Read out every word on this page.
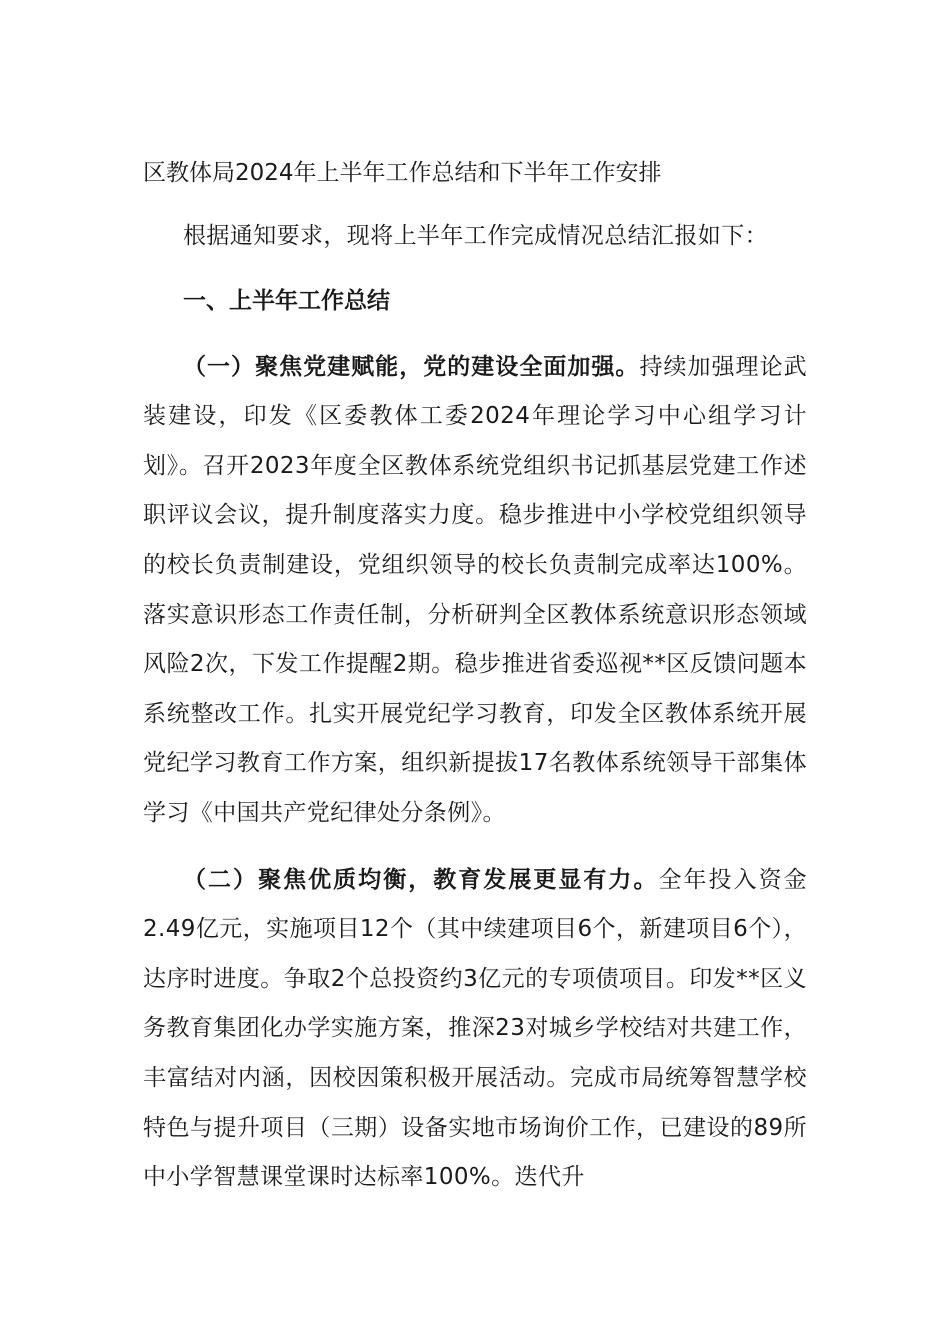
区教体局2024年上半年工作总结和下半年工作安排

根据通知要求，现将上半年工作完成情况总结汇报如下：

一、上半年工作总结

（一）聚焦党建赋能，党的建设全面加强。持续加强理论武装建设，印发《区委教体工委2024年理论学习中心组学习计划》。召开2023年度全区教体系统党组织书记抓基层党建工作述职评议会议，提升制度落实力度。稳步推进中小学校党组织领导的校长负责制建设，党组织领导的校长负责制完成率达100%。落实意识形态工作责任制，分析研判全区教体系统意识形态领域风险2次，下发工作提醒2期。稳步推进省委巡视**区反馈问题本系统整改工作。扎实开展党纪学习教育，印发全区教体系统开展党纪学习教育工作方案，组织新提拔17名教体系统领导干部集体学习《中国共产党纪律处分条例》。

（二）聚焦优质均衡，教育发展更显有力。全年投入资金2.49亿元，实施项目12个（其中续建项目6个，新建项目6个），达序时进度。争取2个总投资约3亿元的专项债项目。印发**区义务教育集团化办学实施方案，推深23对城乡学校结对共建工作，丰富结对内涵，因校因策积极开展活动。完成市局统筹智慧学校特色与提升项目（三期）设备实地市场询价工作，已建设的89所中小学智慧课堂课时达标率100%。迭代升
